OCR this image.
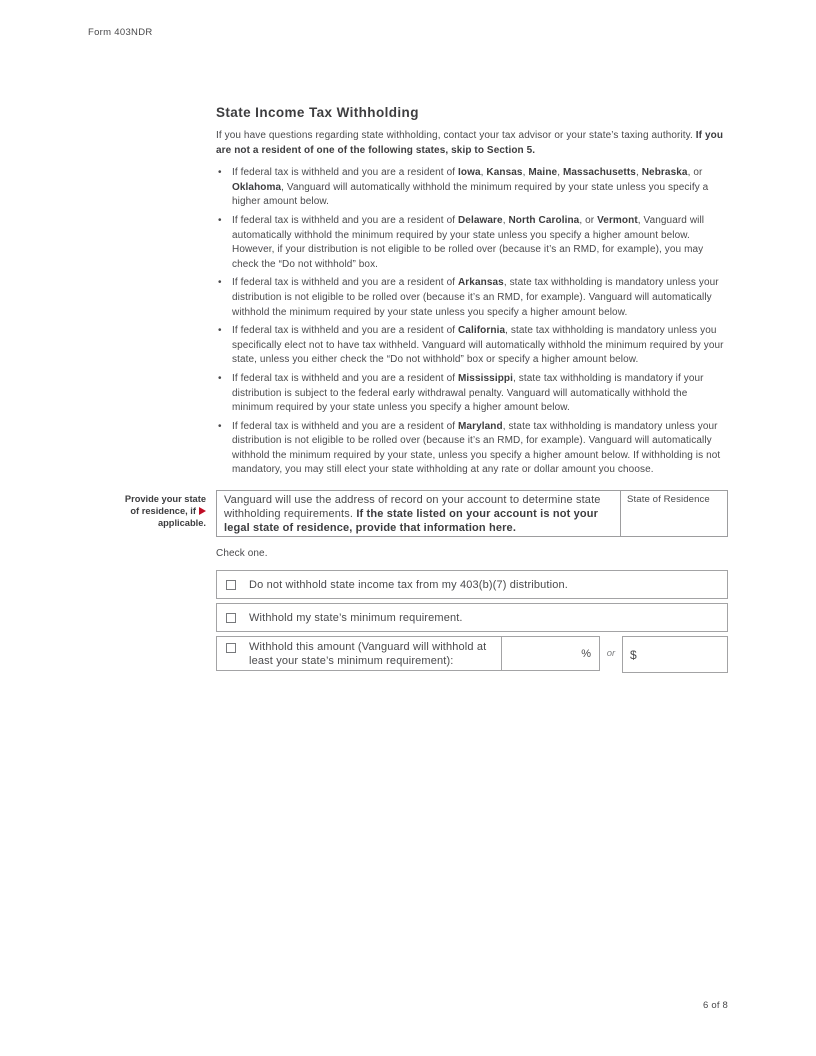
Form 403NDR
State Income Tax Withholding

If you have questions regarding state withholding, contact your tax advisor or your state’s taxing authority. If you are not a resident of one of the following states, skip to Section 5.

• If federal tax is withheld and you are a resident of Iowa, Kansas, Maine, Massachusetts, Nebraska, or Oklahoma, Vanguard will automatically withhold the minimum required by your state unless you specify a higher amount below.
• If federal tax is withheld and you are a resident of Delaware, North Carolina, or Vermont, Vanguard will automatically withhold the minimum required by your state unless you specify a higher amount below. However, if your distribution is not eligible to be rolled over (because it’s an RMD, for example), you may check the “Do not withhold” box.
• If federal tax is withheld and you are a resident of Arkansas, state tax withholding is mandatory unless your distribution is not eligible to be rolled over (because it’s an RMD, for example). Vanguard will automatically withhold the minimum required by your state unless you specify a higher amount below.
• If federal tax is withheld and you are a resident of California, state tax withholding is mandatory unless you specifically elect not to have tax withheld. Vanguard will automatically withhold the minimum required by your state, unless you either check the “Do not withhold” box or specify a higher amount below.
• If federal tax is withheld and you are a resident of Mississippi, state tax withholding is mandatory if your distribution is subject to the federal early withdrawal penalty. Vanguard will automatically withhold the minimum required by your state unless you specify a higher amount below.
• If federal tax is withheld and you are a resident of Maryland, state tax withholding is mandatory unless your distribution is not eligible to be rolled over (because it’s an RMD, for example). Vanguard will automatically withhold the minimum required by your state, unless you specify a higher amount below. If withholding is not mandatory, you may still elect your state withholding at any rate or dollar amount you choose.
Provide your state
of residence, if
applicable.
Vanguard will use the address of record on your account to determine state withholding requirements. If the state listed on your account is not your legal state of residence, provide that information here.
State of Residence
Check one.
Do not withhold state income tax from my 403(b)(7) distribution.
Withhold my state’s minimum requirement.
Withhold this amount (Vanguard will withhold at least your state’s minimum requirement):
%	or	$
6 of 8
